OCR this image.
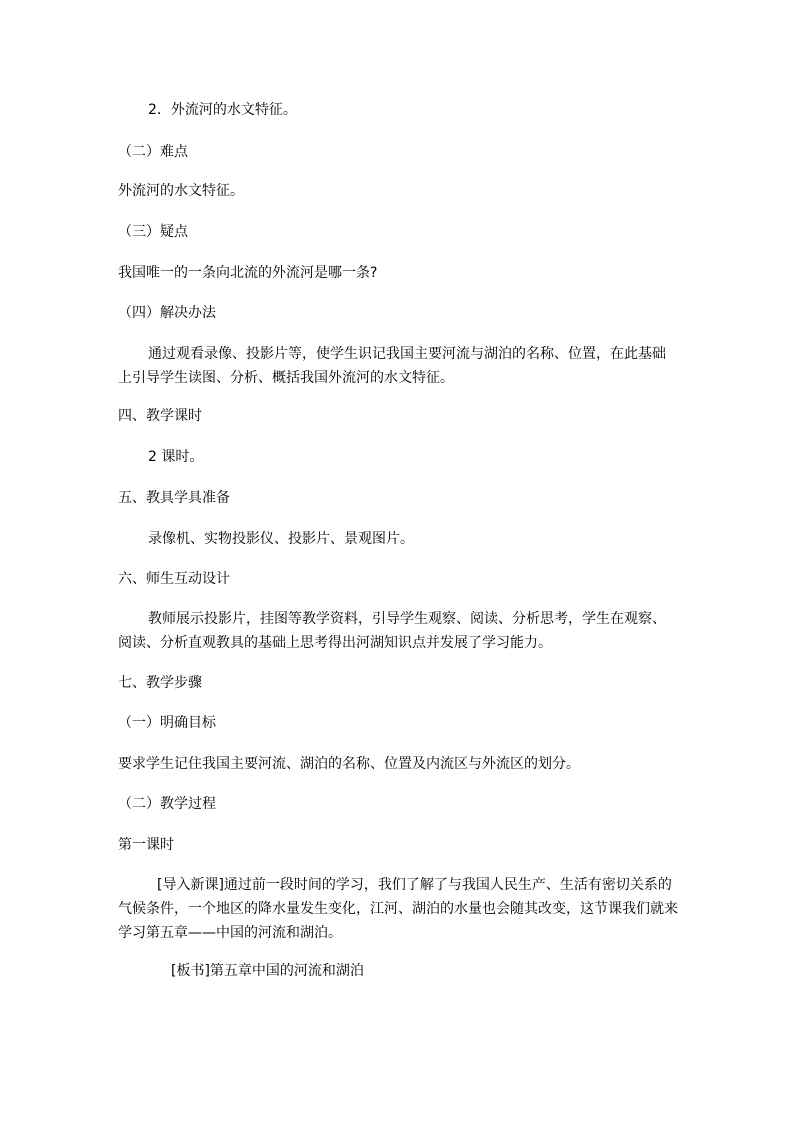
2．外流河的水文特征。

（二）难点

外流河的水文特征。

（三）疑点

我国唯一的一条向北流的外流河是哪一条?

（四）解决办法

通过观看录像、投影片等，使学生识记我国主要河流与湖泊的名称、位置，在此基础

上引导学生读图、分析、概括我国外流河的水文特征。

四、教学课时

2 课时。

五、教具学具准备

录像机、实物投影仪、投影片、景观图片。

六、师生互动设计

教师展示投影片，挂图等教学资料，引导学生观察、阅读、分析思考，学生在观察、

阅读、分析直观教具的基础上思考得出河湖知识点并发展了学习能力。

七、教学步骤

（一）明确目标

要求学生记住我国主要河流、湖泊的名称、位置及内流区与外流区的划分。

（二）教学过程

第一课时

[导入新课]通过前一段时间的学习，我们了解了与我国人民生产、生活有密切关系的

气候条件，一个地区的降水量发生变化，江河、湖泊的水量也会随其改变，这节课我们就来

学习第五章——中国的河流和湖泊。

[板书]第五章中国的河流和湖泊
